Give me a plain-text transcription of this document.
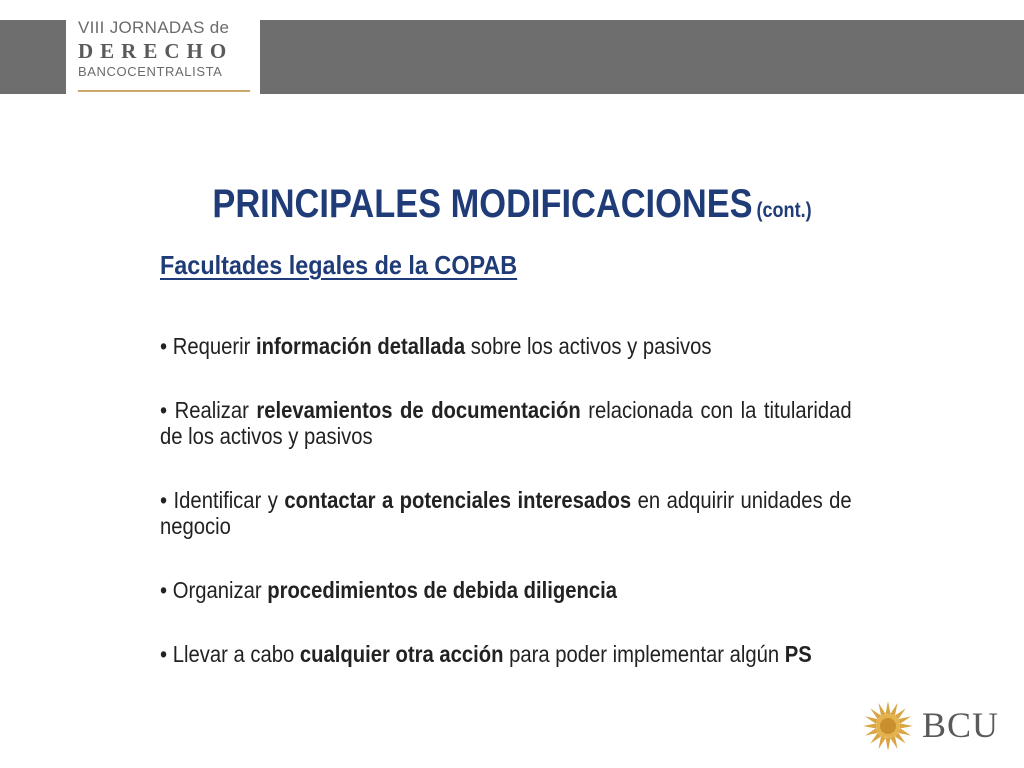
VIII JORNADAS de
DERECHO
BANCOCENTRALISTA
PRINCIPALES MODIFICACIONES (cont.)
Facultades legales de la COPAB

• Requerir información detallada sobre los activos y pasivos

• Realizar relevamientos de documentación relacionada con la titularidad de los activos y pasivos

• Identificar y contactar a potenciales interesados en adquirir unidades de negocio

• Organizar procedimientos de debida diligencia

• Llevar a cabo cualquier otra acción para poder implementar algún PS

BCU
